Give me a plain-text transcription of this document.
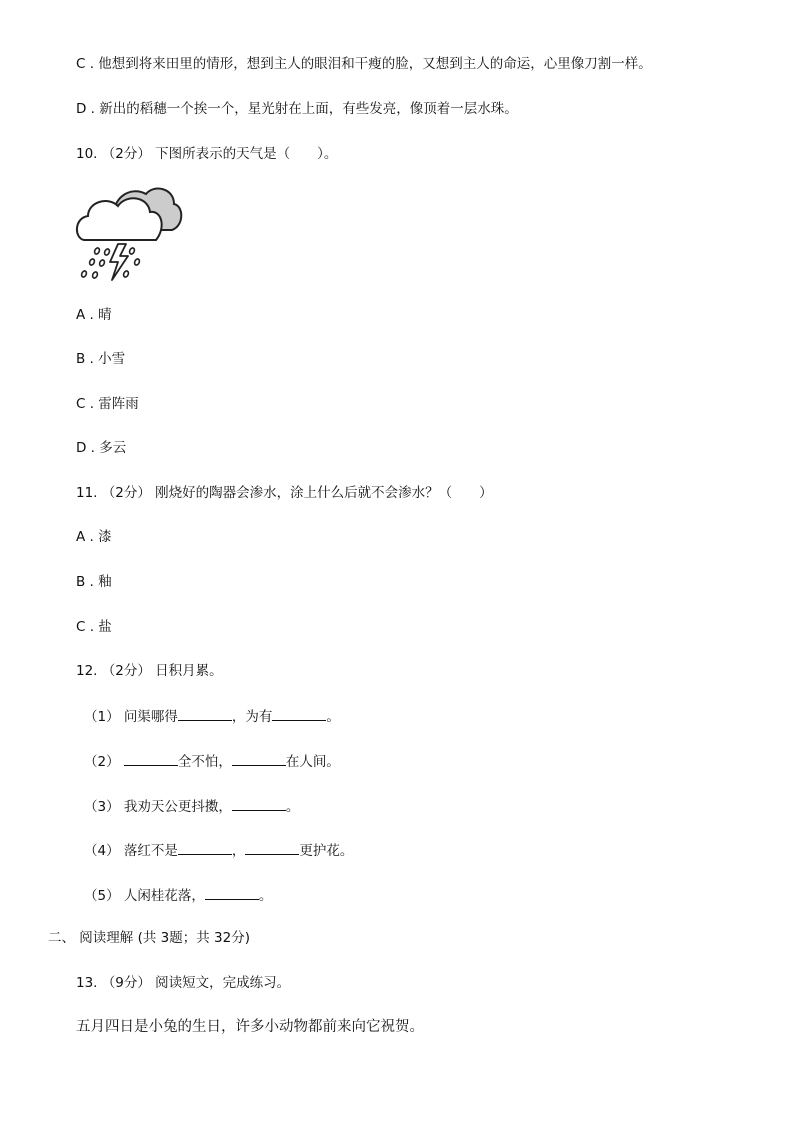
C . 他想到将来田里的情形，想到主人的眼泪和干瘦的脸，又想到主人的命运，心里像刀割一样。
D . 新出的稻穗一个挨一个，星光射在上面，有些发亮，像顶着一层水珠。
10. （2分） 下图所表示的天气是（　　）。
A . 晴
B . 小雪
C . 雷阵雨
D . 多云
11. （2分） 刚烧好的陶器会渗水，涂上什么后就不会渗水？（　　）
A . 漆
B . 釉
C . 盐
12. （2分） 日积月累。
（1） 问渠哪得	，为有	。
（2）	全不怕，	在人间。
（3） 我劝天公更抖擞，	。
（4） 落红不是	，	更护花。
（5） 人闲桂花落，	。
二、 阅读理解 (共 3题；共 32分)
13. （9分） 阅读短文，完成练习。
五月四日是小兔的生日，许多小动物都前来向它祝贺。
